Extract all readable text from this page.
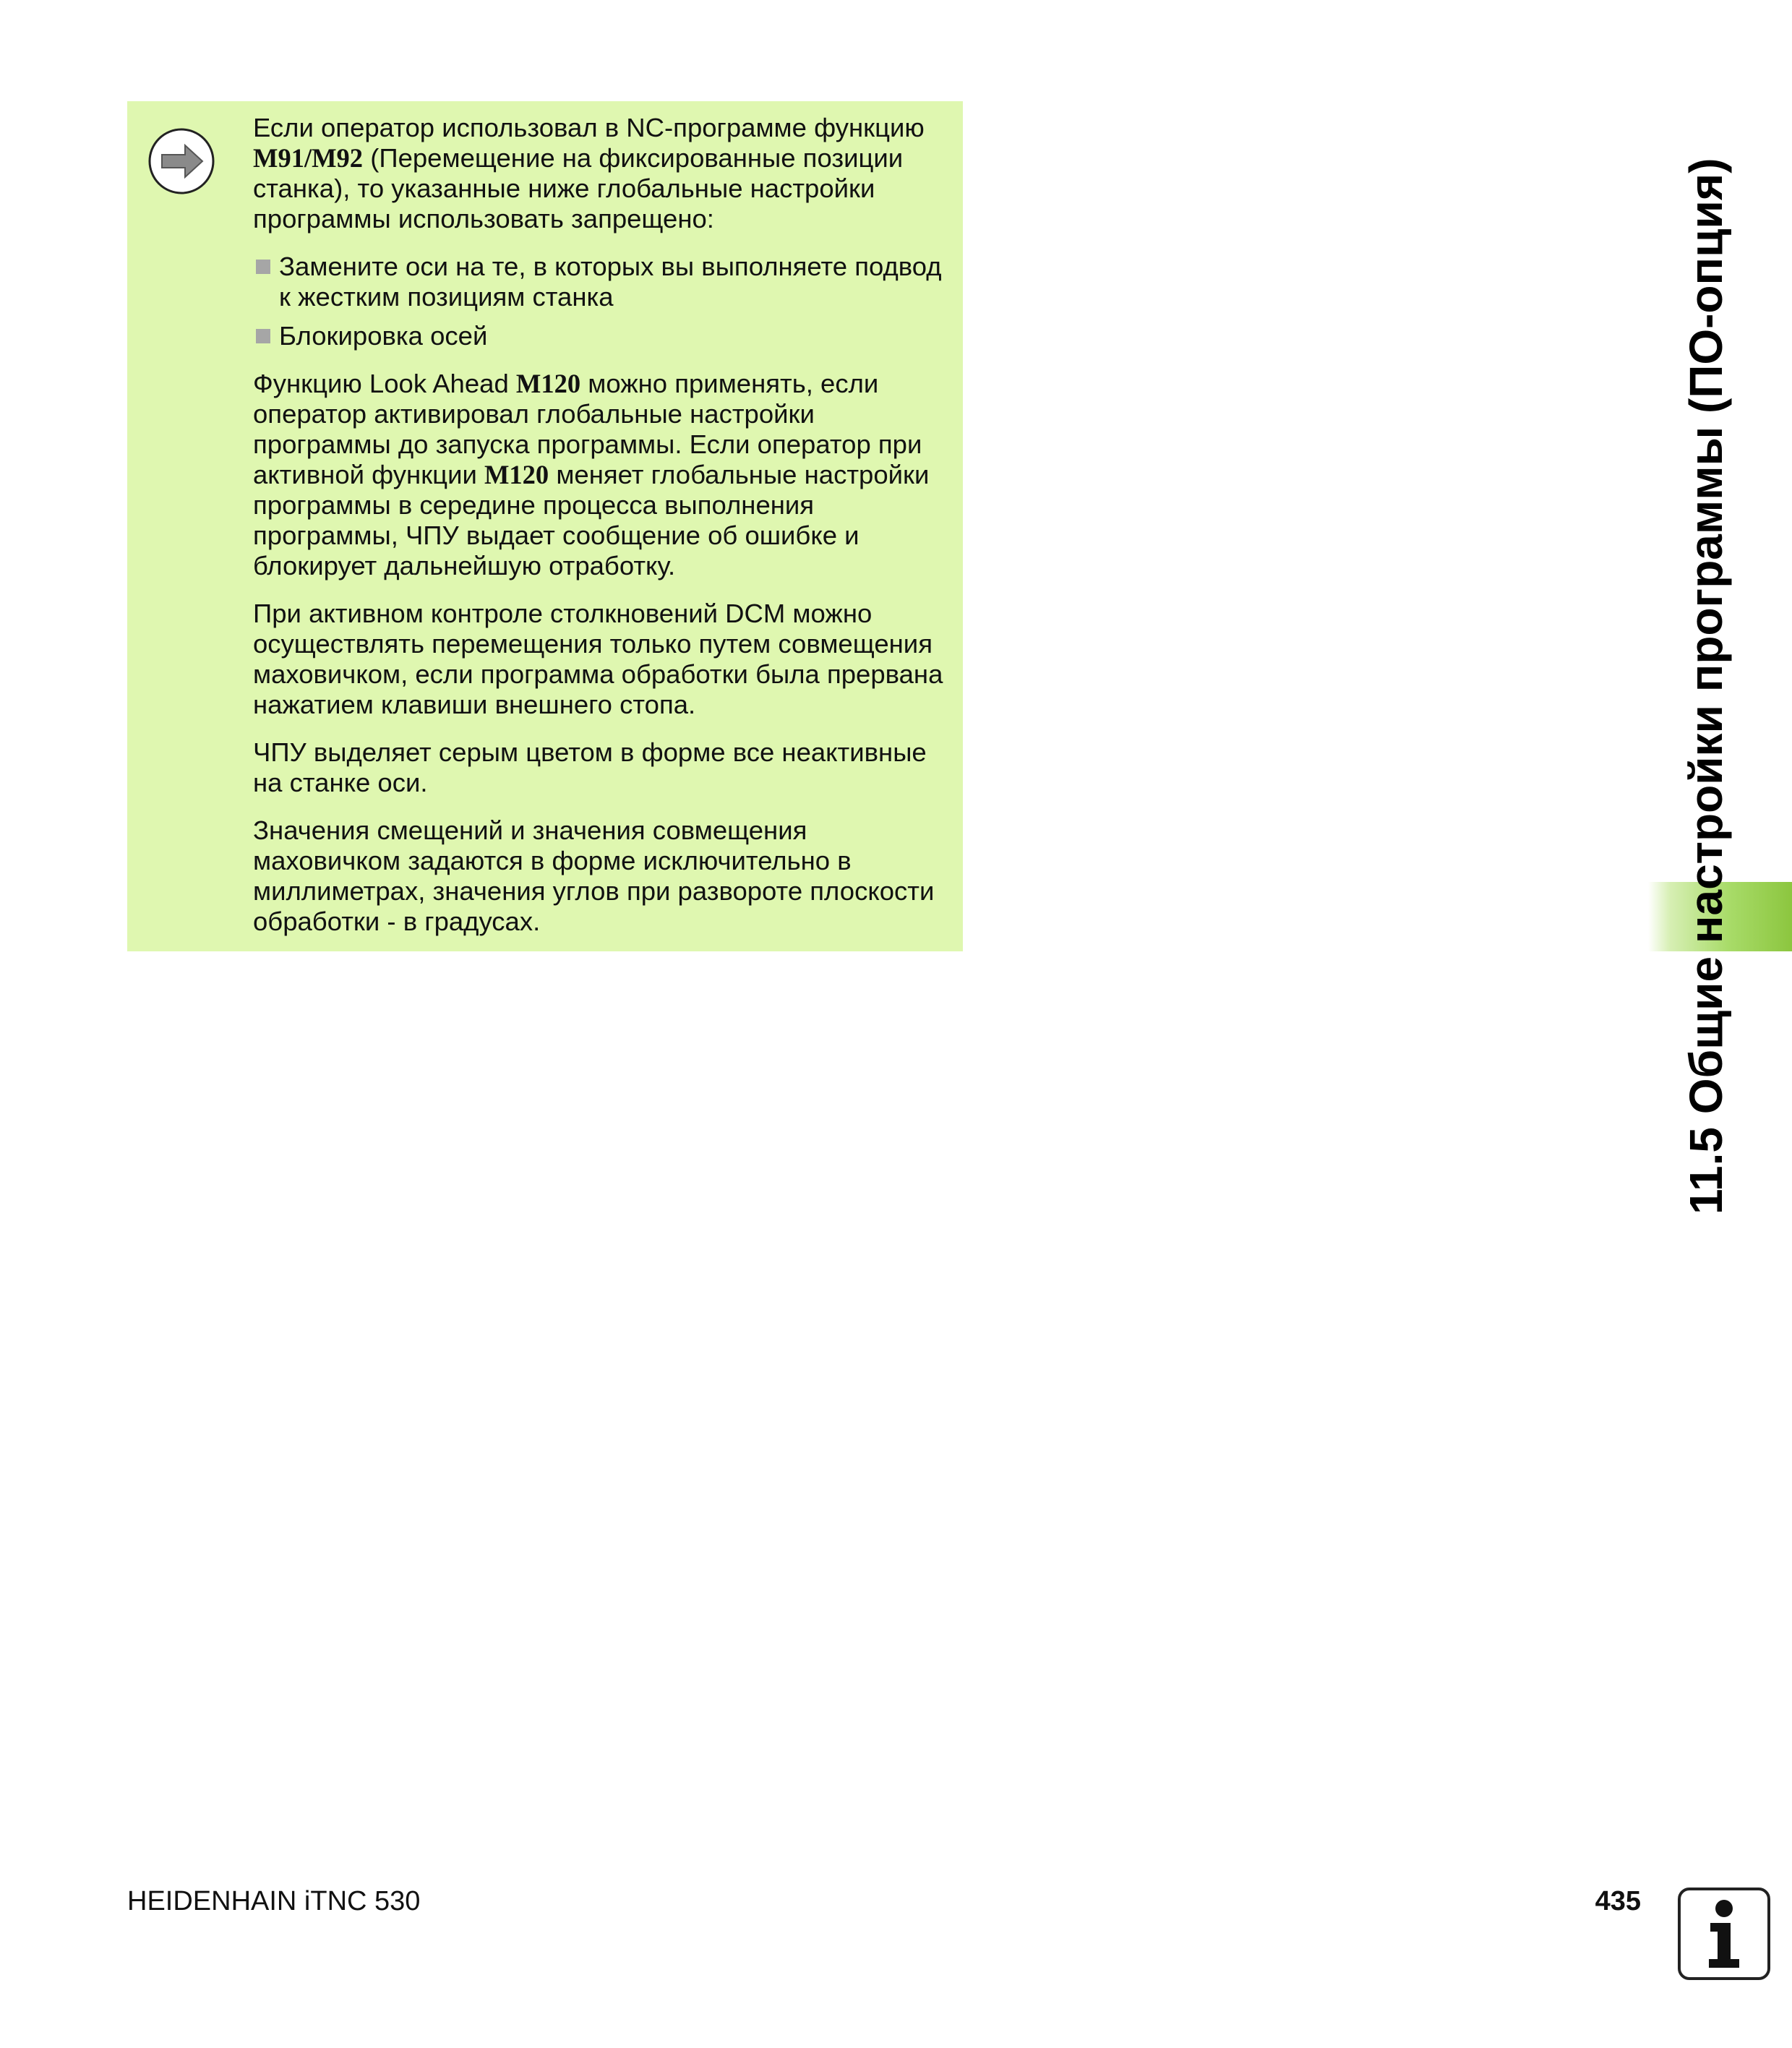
Если оператор использовал в NC-программе функцию M91/M92 (Перемещение на фиксированные позиции станка), то указанные ниже глобальные настройки программы использовать запрещено:

Замените оси на те, в которых вы выполняете подвод к жестким позициям станка
Блокировка осей

Функцию Look Ahead M120 можно применять, если оператор активировал глобальные настройки программы до запуска программы. Если оператор при активной функции M120 меняет глобальные настройки программы в середине процесса выполнения программы, ЧПУ выдает сообщение об ошибке и блокирует дальнейшую отработку.

При активном контроле столкновений DCM можно осуществлять перемещения только путем совмещения маховичком, если программа обработки была прервана нажатием клавиши внешнего стопа.

ЧПУ выделяет серым цветом в форме все неактивные на станке оси.

Значения смещений и значения совмещения маховичком задаются в форме исключительно в миллиметрах, значения углов при развороте плоскости обработки - в градусах.	11.5 Общие настройки программы (ПО-опция)
HEIDENHAIN iTNC 530	435
